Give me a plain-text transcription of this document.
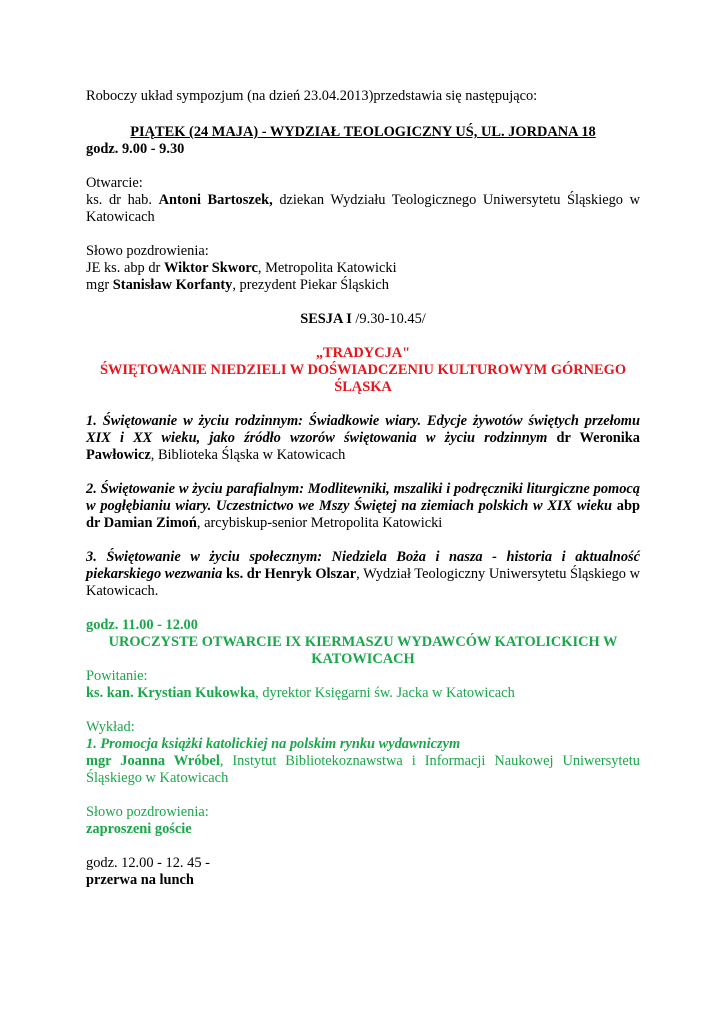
Roboczy układ sympozjum (na dzień 23.04.2013)przedstawia się następująco:

PIĄTEK (24 MAJA) - WYDZIAŁ TEOLOGICZNY UŚ, UL. JORDANA 18

godz. 9.00 - 9.30

Otwarcie:

ks. dr hab. Antoni Bartoszek, dziekan Wydziału Teologicznego Uniwersytetu Śląskiego w Katowicach

Słowo pozdrowienia:

JE ks. abp dr Wiktor Skworc, Metropolita Katowicki

mgr Stanisław Korfanty, prezydent Piekar Śląskich

SESJA I /9.30-10.45/

„TRADYCJA"

ŚWIĘTOWANIE NIEDZIELI W DOŚWIADCZENIU KULTUROWYM GÓRNEGO ŚLĄSKA

1. Świętowanie w życiu rodzinnym: Świadkowie wiary. Edycje żywotów świętych przełomu XIX i XX wieku, jako źródło wzorów świętowania w życiu rodzinnym dr Weronika Pawłowicz, Biblioteka Śląska w Katowicach

2. Świętowanie w życiu parafialnym: Modlitewniki, mszaliki i podręczniki liturgiczne pomocą w pogłębianiu wiary. Uczestnictwo we Mszy Świętej na ziemiach polskich w XIX wieku abp dr Damian Zimoń, arcybiskup-senior Metropolita Katowicki

3. Świętowanie w życiu społecznym: Niedziela Boża i nasza - historia i aktualność piekarskiego wezwania ks. dr Henryk Olszar, Wydział Teologiczny Uniwersytetu Śląskiego w Katowicach.

godz. 11.00 - 12.00

UROCZYSTE OTWARCIE IX KIERMASZU WYDAWCÓW KATOLICKICH W KATOWICACH

Powitanie:

ks. kan. Krystian Kukowka, dyrektor Księgarni św. Jacka w Katowicach

Wykład:

1. Promocja książki katolickiej na polskim rynku wydawniczym

mgr Joanna Wróbel, Instytut Bibliotekoznawstwa i Informacji Naukowej Uniwersytetu Śląskiego w Katowicach

Słowo pozdrowienia:

zaproszeni goście

godz. 12.00 - 12. 45 -

przerwa na lunch
